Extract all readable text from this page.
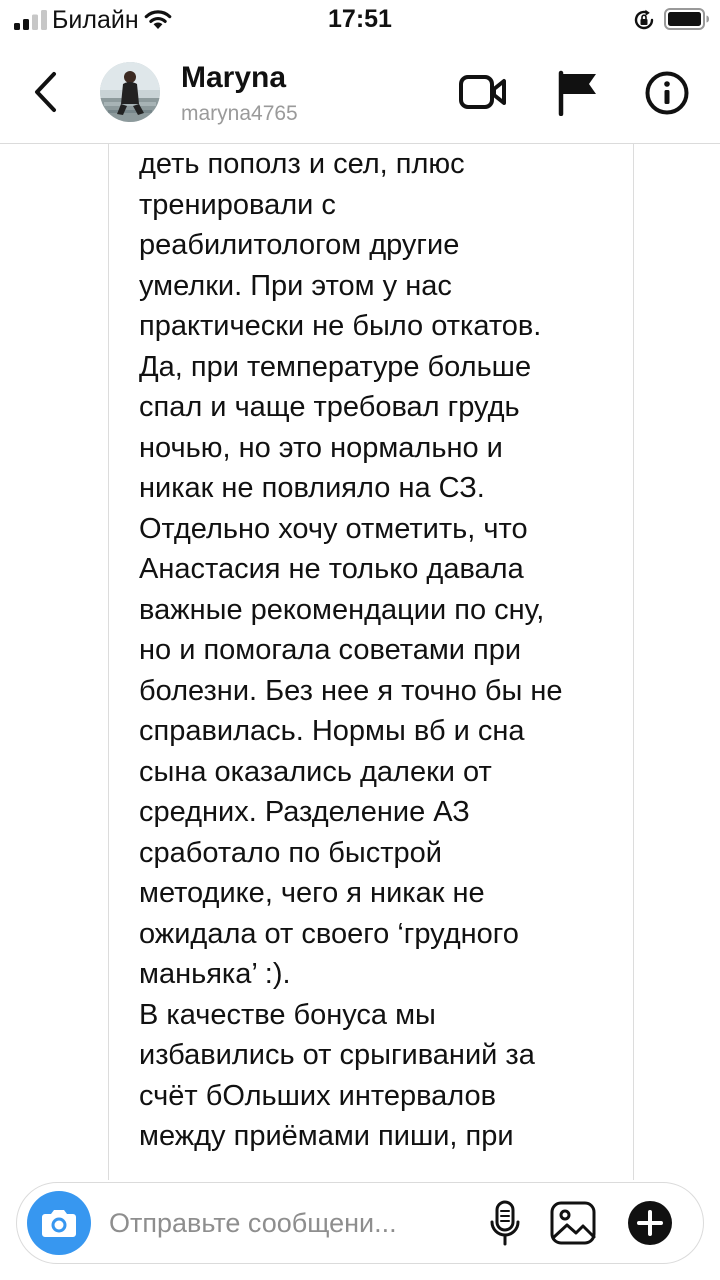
Билайн	17:51
Maryna
maryna4765
деть пополз и сел, плюс
тренировали с
реабилитологом другие
умелки. При этом у нас
практически не было откатов.
Да, при температуре больше
спал и чаще требовал грудь
ночью, но это нормально и
никак не повлияло на СЗ.
Отдельно хочу отметить, что
Анастасия не только давала
важные рекомендации по сну,
но и помогала советами при
болезни. Без нее я точно бы не
справилась. Нормы вб и сна
сына оказались далеки от
средних. Разделение АЗ
сработало по быстрой
методике, чего я никак не
ожидала от своего ‘грудного
маньяка’ :).
В качестве бонуса мы
избавились от срыгиваний за
счёт бОльших интервалов
между приёмами пиши, при
Отправьте сообщени...
